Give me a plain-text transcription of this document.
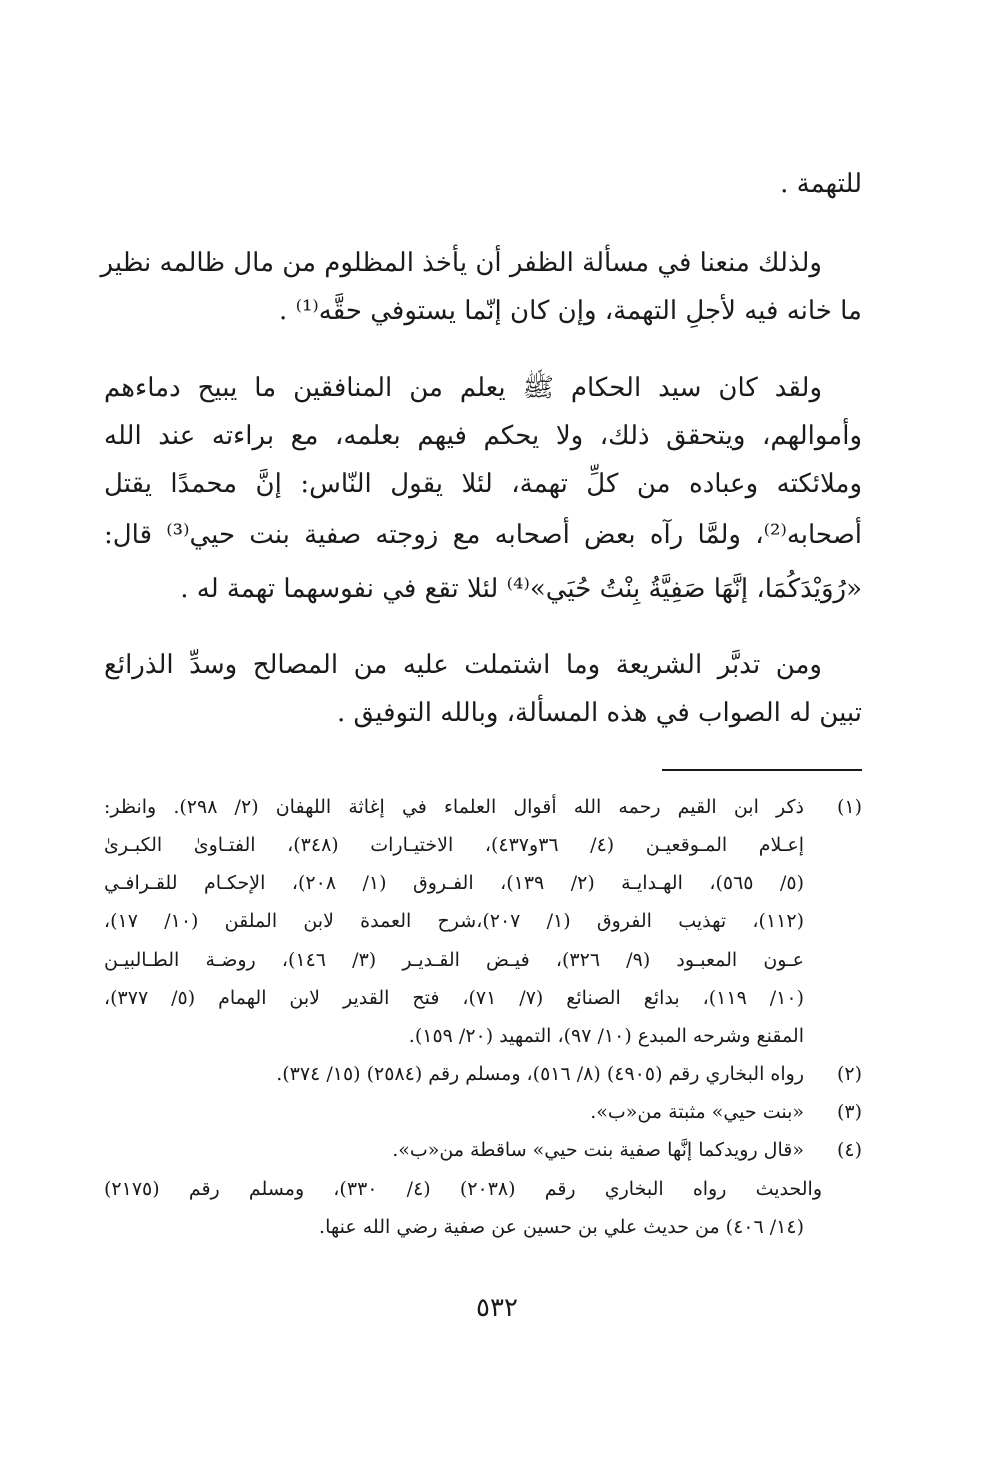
للتهمة .
ولذلك منعنا في مسألة الظفر أن يأخذ المظلوم من مال ظالمه نظير
ما خانه فيه لأجلِ التهمة، وإن كان إنّما يستوفي حقَّه⁽¹⁾ .
ولقد كان سيد الحكام ﷺ يعلم من المنافقين ما يبيح دماءهم
وأموالهم، ويتحقق ذلك، ولا يحكم فيهم بعلمه، مع براءته عند الله
وملائكته وعباده من كلِّ تهمة، لئلا يقول النّاس: إنَّ محمدًا يقتل
أصحابه⁽²⁾، ولمَّا رآه بعض أصحابه مع زوجته صفية بنت حيي⁽³⁾ قال:
«رُوَيْدَكُمَا، إنَّهَا صَفِيَّةُ بِنْتُ حُيَي»⁽⁴⁾ لئلا تقع في نفوسهما تهمة له .
ومن تدبَّر الشريعة وما اشتملت عليه من المصالح وسدِّ الذرائع
تبين له الصواب في هذه المسألة، وبالله التوفيق .
(١)
ذكر ابن القيم رحمه الله أقوال العلماء في إغاثة اللهفان (٢/ ٢٩٨). وانظر:
إعـلام المـوقعيـن (٤/ ٣٦و٤٣٧)، الاختيـارات (٣٤٨)، الفتـاوىٰ الكبـرىٰ
(٥/ ٥٦٥)، الهـدايـة (٢/ ١٣٩)، الفـروق (١/ ٢٠٨)، الإحكـام للقـرافـي
(١١٢)، تهذيب الفروق (١/ ٢٠٧)،شرح العمدة لابن الملقن (١٠/ ١٧)،
عـون المعبـود (٩/ ٣٢٦)، فيـض القـديـر (٣/ ١٤٦)، روضـة الطـالبيـن
(١٠/ ١١٩)، بدائع الصنائع (٧/ ٧١)، فتح القدير لابن الهمام (٥/ ٣٧٧)،
المقنع وشرحه المبدع (١٠/ ٩٧)، التمهيد (٢٠/ ١٥٩).
(٢)
رواه البخاري رقم (٤٩٠٥) (٨/ ٥١٦)، ومسلم رقم (٢٥٨٤) (١٥/ ٣٧٤).
(٣)
«بنت حيي» مثبتة من«ب».
(٤)
«قال رويدكما إنَّها صفية بنت حيي» ساقطة من«ب».
والحديث رواه البخاري رقم (٢٠٣٨) (٤/ ٣٣٠)، ومسلم رقم (٢١٧٥)
(١٤/ ٤٠٦) من حديث علي بن حسين عن صفية رضي الله عنها.
٥٣٢
